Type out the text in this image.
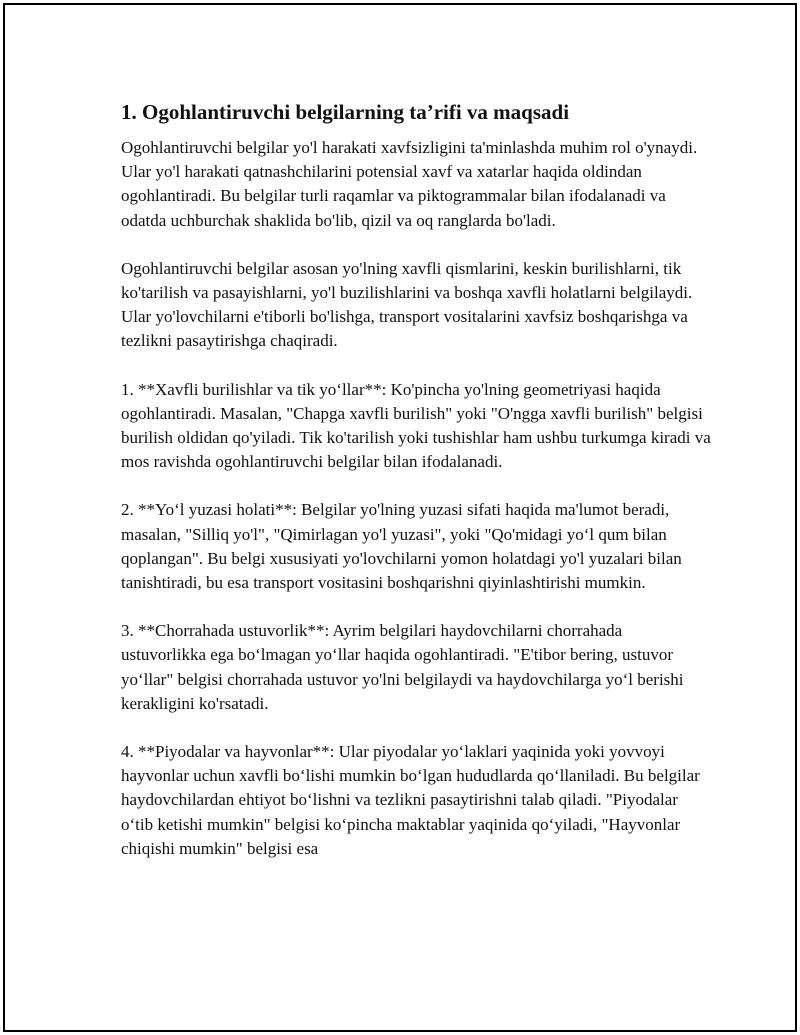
1. Ogohlantiruvchi belgilarning ta’rifi va maqsadi

Ogohlantiruvchi belgilar yo'l harakati xavfsizligini ta'minlashda muhim rol o'ynaydi. Ular yo'l harakati qatnashchilarini potensial xavf va xatarlar haqida oldindan ogohlantiradi. Bu belgilar turli raqamlar va piktogrammalar bilan ifodalanadi va odatda uchburchak shaklida bo'lib, qizil va oq ranglarda bo'ladi.

Ogohlantiruvchi belgilar asosan yo'lning xavfli qismlarini, keskin burilishlarni, tik ko'tarilish va pasayishlarni, yo'l buzilishlarini va boshqa xavfli holatlarni belgilaydi. Ular yo'lovchilarni e'tiborli bo'lishga, transport vositalarini xavfsiz boshqarishga va tezlikni pasaytirishga chaqiradi.

1. **Xavfli burilishlar va tik yo‘llar**: Ko'pincha yo'lning geometriyasi haqida ogohlantiradi. Masalan, "Chapga xavfli burilish" yoki "O'ngga xavfli burilish" belgisi burilish oldidan qo'yiladi. Tik ko'tarilish yoki tushishlar ham ushbu turkumga kiradi va mos ravishda ogohlantiruvchi belgilar bilan ifodalanadi.

2. **Yo‘l yuzasi holati**: Belgilar yo'lning yuzasi sifati haqida ma'lumot beradi, masalan, "Silliq yo'l", "Qimirlagan yo'l yuzasi", yoki "Qo'midagi yo‘l qum bilan qoplangan". Bu belgi xususiyati yo'lovchilarni yomon holatdagi yo'l yuzalari bilan tanishtiradi, bu esa transport vositasini boshqarishni qiyinlashtirishi mumkin.

3. **Chorrahada ustuvorlik**: Ayrim belgilari haydovchilarni chorrahada ustuvorlikka ega bo‘lmagan yo‘llar haqida ogohlantiradi. "E'tibor bering, ustuvor yo‘llar" belgisi chorrahada ustuvor yo'lni belgilaydi va haydovchilarga yo‘l berishi kerakligini ko'rsatadi.

4. **Piyodalar va hayvonlar**: Ular piyodalar yo‘laklari yaqinida yoki yovvoyi hayvonlar uchun xavfli bo‘lishi mumkin bo‘lgan hududlarda qo‘llaniladi. Bu belgilar haydovchilardan ehtiyot bo‘lishni va tezlikni pasaytirishni talab qiladi. "Piyodalar o‘tib ketishi mumkin" belgisi ko‘pincha maktablar yaqinida qo‘yiladi, "Hayvonlar chiqishi mumkin" belgisi esa
